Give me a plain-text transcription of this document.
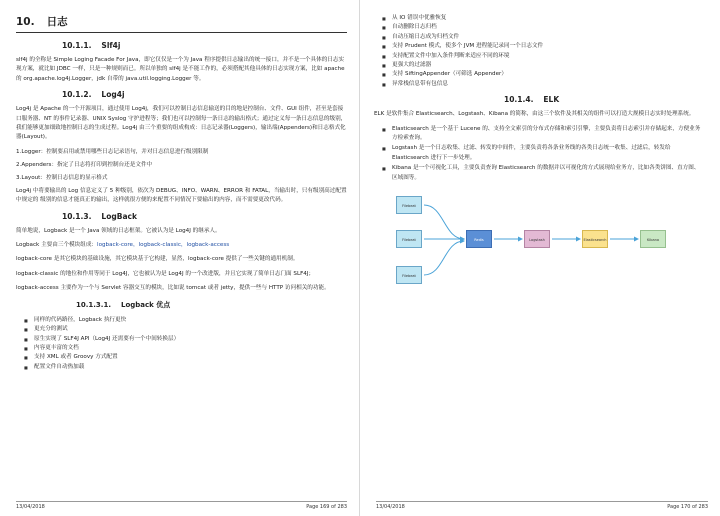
10. 日志
10.1.1. Slf4j

slf4j 的全称是 Simple Loging Facade For Java，即它仅仅是一个为 Java 程序提供日志输出的统一接口，并不是一个具体的日志实现方案，就比如 JDBC 一样，只是一种规则而已。所以单独的 slf4j 是不能工作的，必须搭配其他具体的日志实现方案，比如 apache 的 org.apache.log4j.Logger，jdk 自带的 java.util.logging.Logger 等。

10.1.2. Log4j

Log4j 是 Apache 的一个开源项目，通过使用 Log4j，我们可以控制日志信息输送的目的地是控制台、文件、GUI 组件，甚至是套接口服务器、NT 的事件记录器、UNIX Syslog 守护进程等；我们也可以控制每一条日志的输出格式；通过定义每一条日志信息的级别，我们能够更加细致地控制日志的生成过程。Log4j 由三个重要的组成构成：日志记录器(Loggers)，输出端(Appenders)和日志格式化器(Layout)。

1.Logger：控制要启用或禁用哪些日志记录语句，并对日志信息进行级别限制

2.Appenders：指定了日志将打印到控制台还是文件中

3.Layout：控制日志信息的显示格式

Log4j 中将要输出的 Log 信息定义了 5 种级别，依次为 DEBUG、INFO、WARN、ERROR 和 FATAL，当输出时，只有级别高过配置中规定的 级别的信息才能真正的输出，这样就很方便的来配置不同情况下要输出的内容，而不需要更改代码。

10.1.3. LogBack

简单地说，Logback 是一个 Java 领域的日志框架。它被认为是 Log4J 的继承人。

Logback 主要由三个模块组成：logback-core，logback-classic，logback-access

logback-core 是其它模块的基础设施，其它模块基于它构建，显然，logback-core 提供了一些关键的通用机制。

logback-classic 的地位和作用等同于 Log4J，它也被认为是 Log4J 的一个改进版，并且它实现了简单日志门面 SLF4J；

logback-access 主要作为一个与 Servlet 容器交互的模块，比如说 tomcat 或者 jetty，提供一些与 HTTP 访问相关的功能。

10.1.3.1. Logback 优点
■ 同样的代码路径，Logback 执行更快
■ 更充分的测试
■ 原生实现了 SLF4J API（Log4J 还需要有一个中间转换层）
■ 内容更丰富的文档
■ 支持 XML 或者 Groovy 方式配置
■ 配置文件自动热加载
13/04/2018	Page 169 of 283
■ 从 IO 错误中优雅恢复
■ 自动删除日志归档
■ 自动压缩日志成为归档文件
■ 支持 Prudent 模式，使多个 JVM 进程能记录同一个日志文件
■ 支持配置文件中加入条件判断来适应不同的环境
■ 更强大的过滤器
■ 支持 SiftingAppender（可筛选 Appender）
■ 异常栈信息带有包信息
10.1.4. ELK

ELK 是软件集合 Elasticsearch、Logstash、Kibana 的简称，由这三个软件及其相关的组件可以打造大规模日志实时处理系统。

■ Elasticsearch 是一个基于 Lucene 的、支持全文索引的分布式存储和索引引擎，主要负责将日志索引并存储起来，方便业务方检索查询。
■ Logstash 是一个日志收集、过滤、转发的中间件，主要负责将各条业务线的各类日志统一收集、过滤后，转发给 Elasticsearch 进行下一步处理。
■ Kibana 是一个可视化工具，主要负责查询 Elasticsearch 的数据并以可视化的方式展现给业务方，比如各类饼图、直方图、区域图等。
Filebeat
Filebeat
Filebeat
Redis	Logstash	Elasticsearch	Kibana
13/04/2018	Page 170 of 283
